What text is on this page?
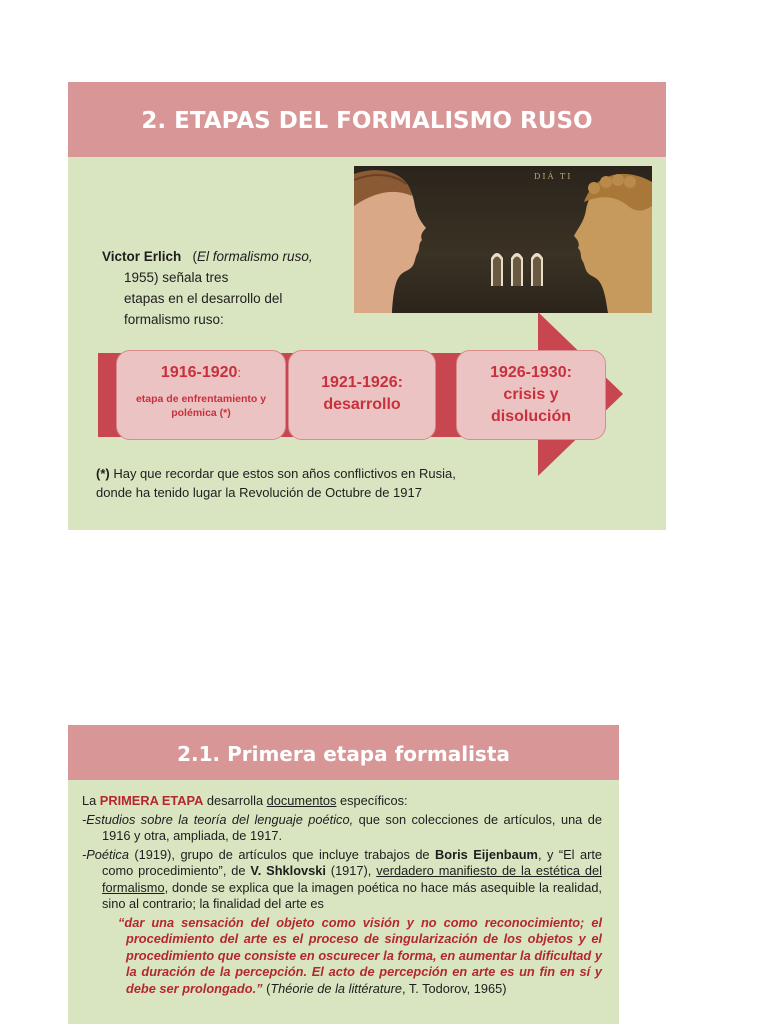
2. ETAPAS DEL FORMALISMO RUSO
DIÁ TI
Victor Erlich (El formalismo ruso,
1955) señala tres
etapas en el desarrollo del
formalismo ruso:
1916-1920:
etapa de enfrentamiento y polémica (*)
1921-1926:
desarrollo
1926-1930:
crisis y
disolución
(*) Hay que recordar que estos son años conflictivos en Rusia,
donde ha tenido lugar la Revolución de Octubre de 1917
2.1. Primera etapa formalista

La PRIMERA ETAPA desarrolla documentos específicos:

-Estudios sobre la teoría del lenguaje poético, que son colecciones de artículos, una de 1916 y otra, ampliada, de 1917.

-Poética (1919), grupo de artículos que incluye trabajos de Boris Eijenbaum, y “El arte como procedimiento”, de V. Shklovski (1917), verdadero manifiesto de la estética del formalismo, donde se explica que la imagen poética no hace más asequible la realidad, sino al contrario; la finalidad del arte es

“dar una sensación del objeto como visión y no como reconocimiento; el procedimiento del arte es el proceso de singularización de los objetos y el procedimiento que consiste en oscurecer la forma, en aumentar la dificultad y la duración de la percepción. El acto de percepción en arte es un fin en sí y debe ser prolongado.” (Théorie de la littérature, T. Todorov, 1965)
